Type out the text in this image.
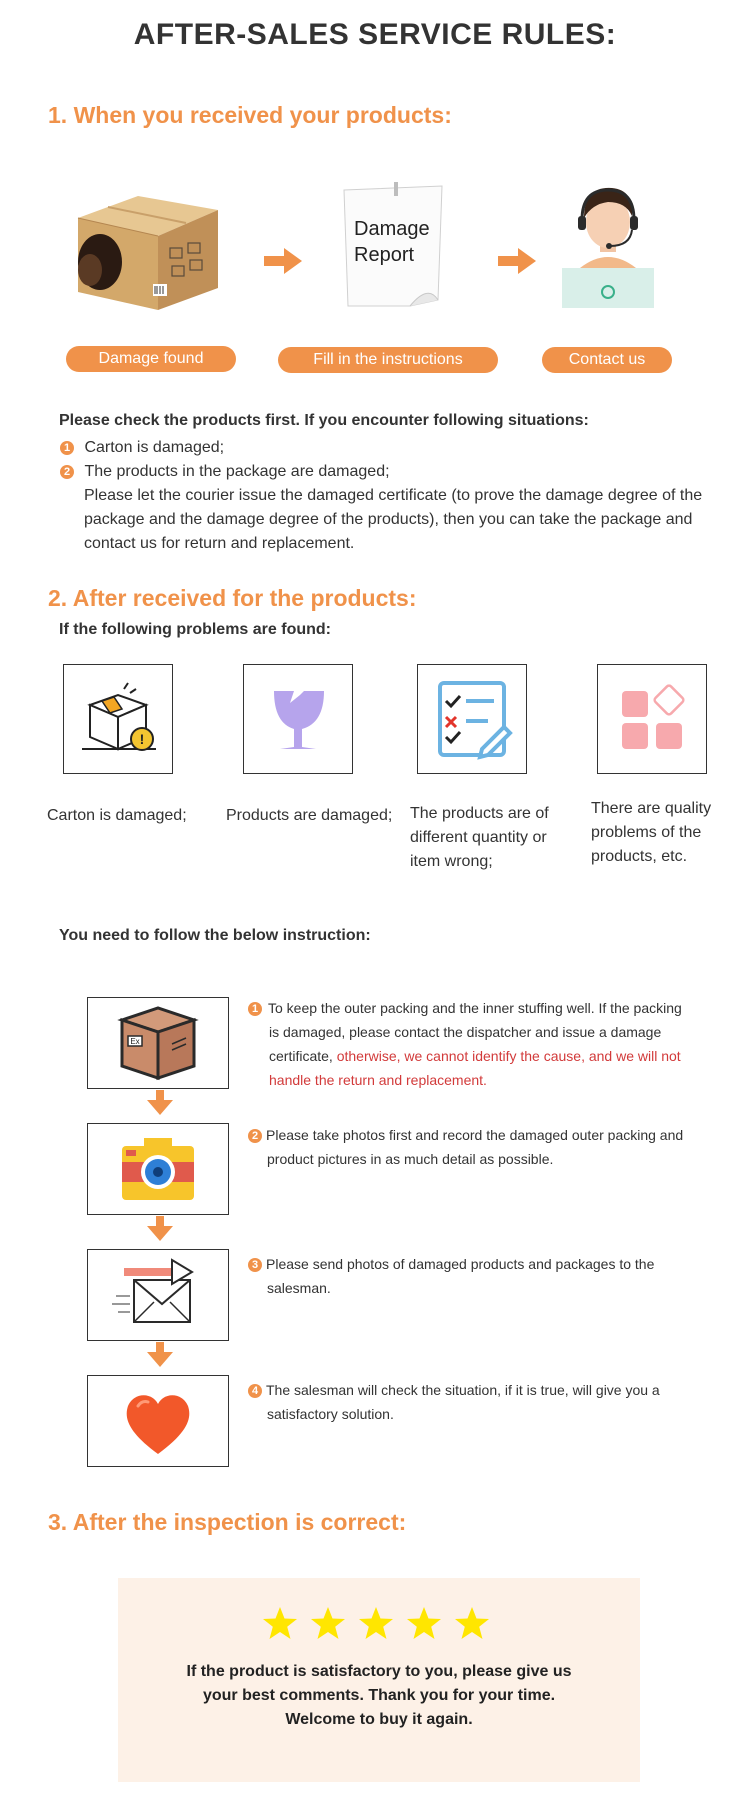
AFTER-SALES SERVICE RULES:
1. When you received your products:
Damage
Report
Damage found	Fill in the instructions	Contact us
Please check the products first. If you encounter following situations:
1 Carton is damaged;
2 The products in the package are damaged;
Please let the courier issue the damaged certificate (to prove the damage degree of the
package and the damage degree of the products), then you can take the package and
contact us for return and replacement.
2. After received for the products:
If the following problems are found:
!
Carton is damaged; Products are damaged; The products are of
different quantity or
item wrong;
There are quality
problems of the
products, etc.
You need to follow the below instruction:
Ex
1 To keep the outer packing and the inner stuffing well. If the packing
is damaged, please contact the dispatcher and issue a damage
certificate, otherwise, we cannot identify the cause, and we will not
handle the return and replacement.
2 Please take photos first and record the damaged outer packing and
product pictures in as much detail as possible.
3 Please send photos of damaged products and packages to the
salesman.
4 The salesman will check the situation, if it is true, will give you a
satisfactory solution.
3. After the inspection is correct:
If the product is satisfactory to you, please give us
your best comments. Thank you for your time.
Welcome to buy it again.
